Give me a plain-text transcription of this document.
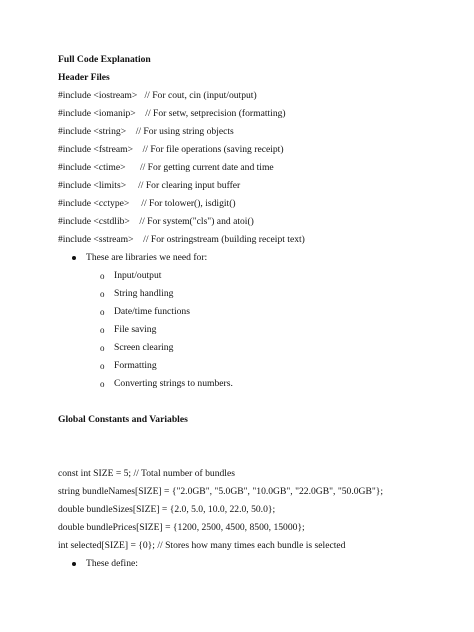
Full Code Explanation

Header Files

#include <iostream>   // For cout, cin (input/output)

#include <iomanip>    // For setw, setprecision (formatting)

#include <string>    // For using string objects

#include <fstream>    // For file operations (saving receipt)

#include <ctime>      // For getting current date and time

#include <limits>     // For clearing input buffer

#include <cctype>     // For tolower(), isdigit()

#include <cstdlib>    // For system("cls") and atoi()

#include <sstream>    // For ostringstream (building receipt text)

These are libraries we need for:

o Input/output

o String handling

o Date/time functions

o File saving

o Screen clearing

o Formatting

o Converting strings to numbers.

Global Constants and Variables

const int SIZE = 5; // Total number of bundles

string bundleNames[SIZE] = {"2.0GB", "5.0GB", "10.0GB", "22.0GB", "50.0GB"};

double bundleSizes[SIZE] = {2.0, 5.0, 10.0, 22.0, 50.0};

double bundlePrices[SIZE] = {1200, 2500, 4500, 8500, 15000};

int selected[SIZE] = {0}; // Stores how many times each bundle is selected

These define:
